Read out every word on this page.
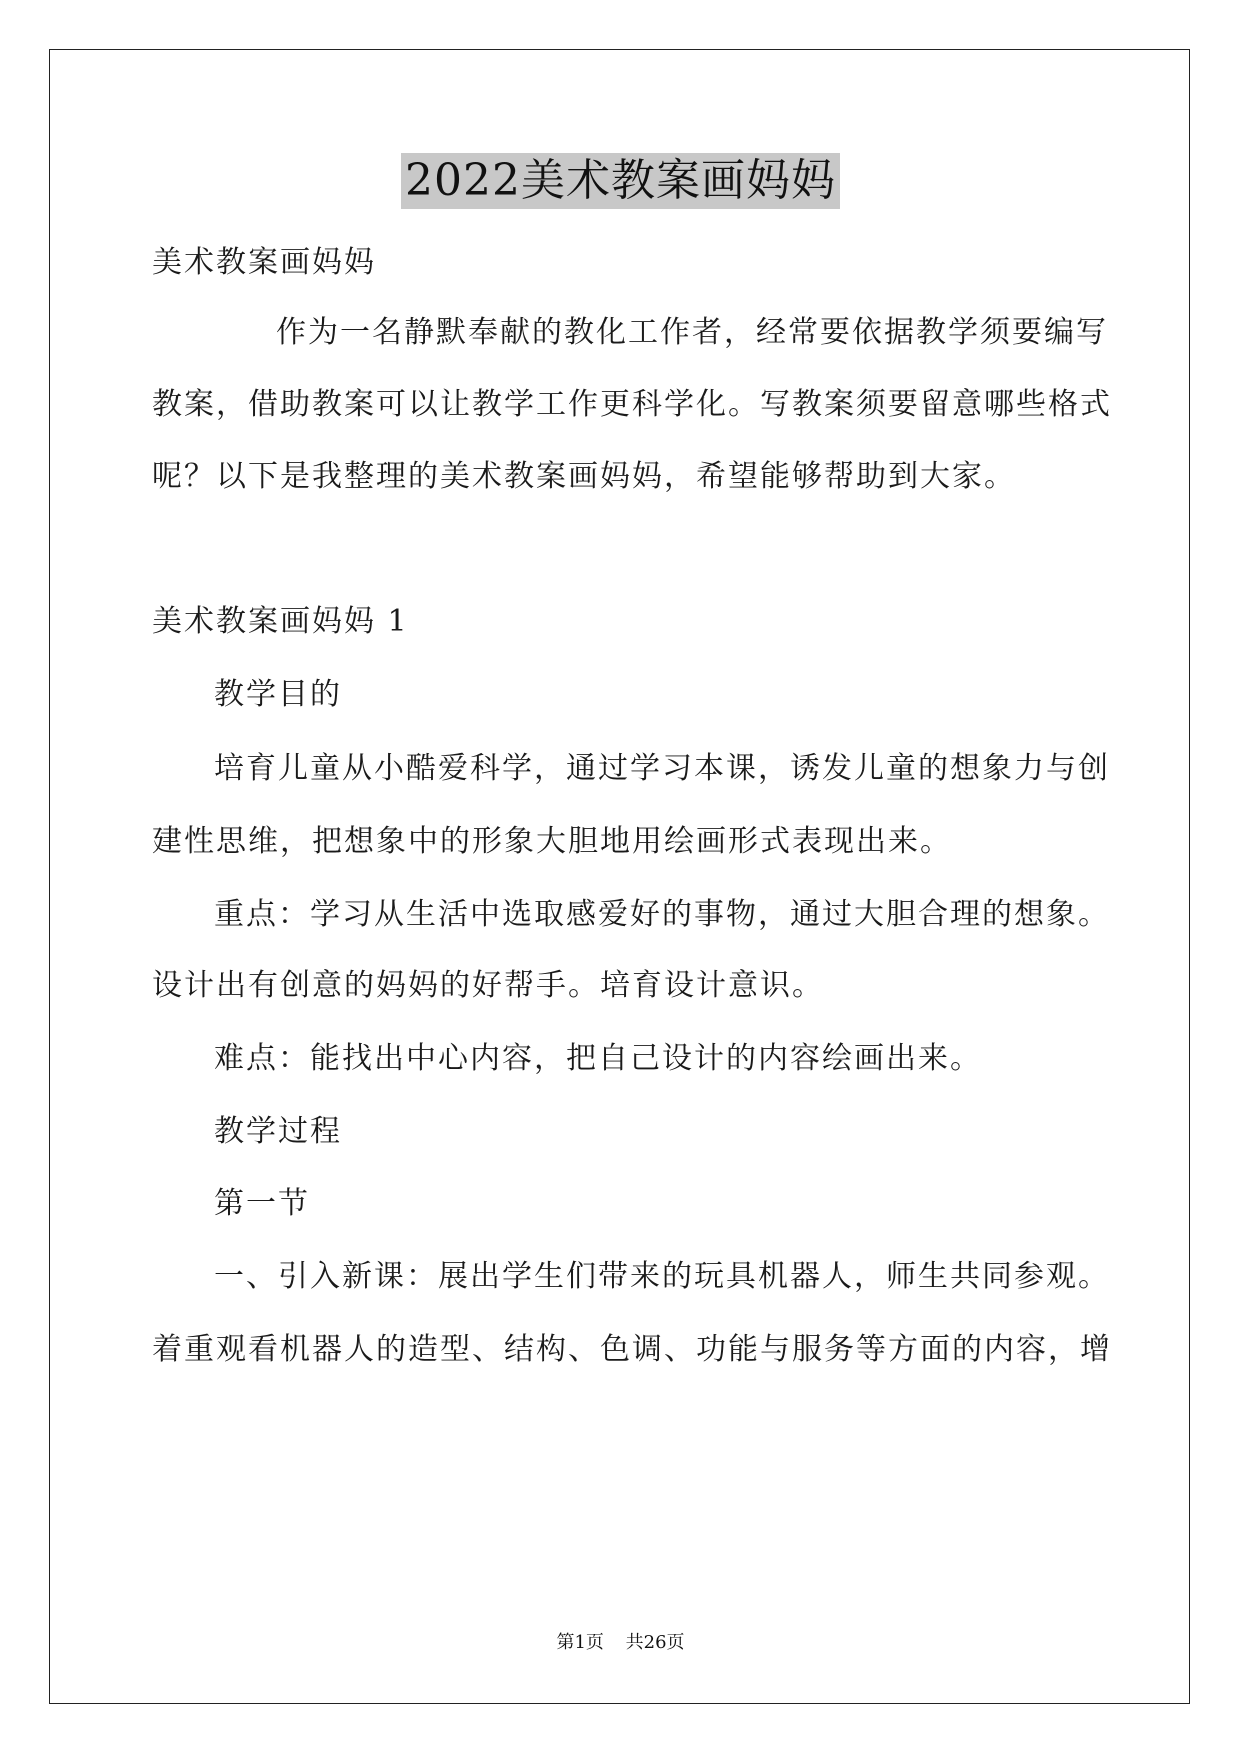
2022美术教案画妈妈
美术教案画妈妈
作为一名静默奉献的教化工作者，经常要依据教学须要编写
教案，借助教案可以让教学工作更科学化。写教案须要留意哪些格式
呢？以下是我整理的美术教案画妈妈，希望能够帮助到大家。
美术教案画妈妈 1
教学目的
培育儿童从小酷爱科学，通过学习本课，诱发儿童的想象力与创
建性思维，把想象中的形象大胆地用绘画形式表现出来。
重点：学习从生活中选取感爱好的事物，通过大胆合理的想象。
设计出有创意的妈妈的好帮手。培育设计意识。
难点：能找出中心内容，把自己设计的内容绘画出来。
教学过程
第一节
一、引入新课：展出学生们带来的玩具机器人，师生共同参观。
着重观看机器人的造型、结构、色调、功能与服务等方面的内容，增
第1页 共26页
